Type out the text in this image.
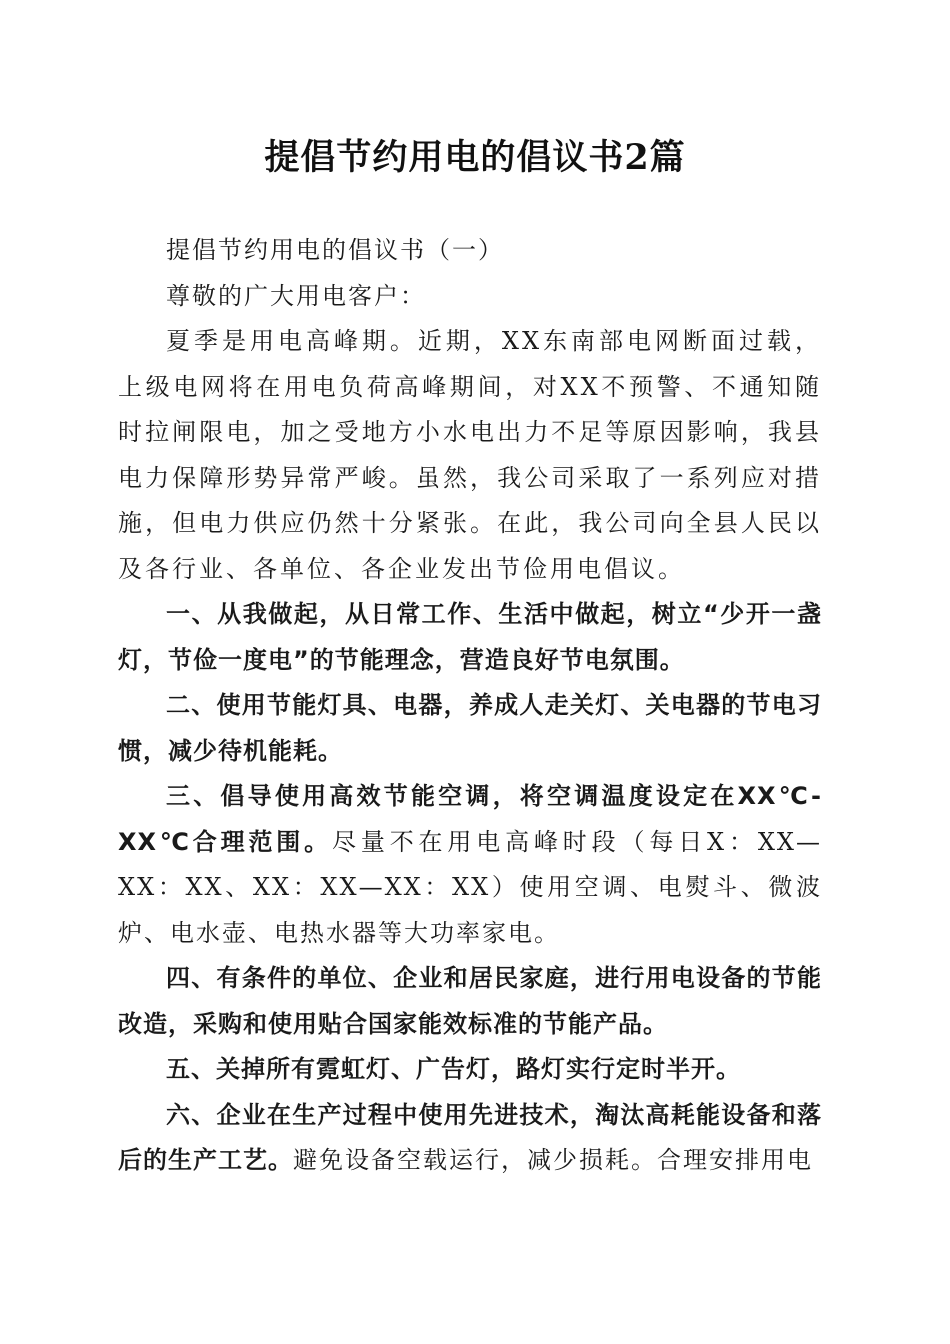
提倡节约用电的倡议书2篇

提倡节约用电的倡议书（一）

尊敬的广大用电客户：

夏季是用电高峰期。近期，XX东南部电网断面过载，上级电网将在用电负荷高峰期间，对XX不预警、不通知随时拉闸限电，加之受地方小水电出力不足等原因影响，我县电力保障形势异常严峻。虽然，我公司采取了一系列应对措施，但电力供应仍然十分紧张。在此，我公司向全县人民以及各行业、各单位、各企业发出节俭用电倡议。

一、从我做起，从日常工作、生活中做起，树立“少开一盏灯，节俭一度电”的节能理念，营造良好节电氛围。

二、使用节能灯具、电器，养成人走关灯、关电器的节电习惯，减少待机能耗。

三、倡导使用高效节能空调，将空调温度设定在XX℃-XX℃合理范围。尽量不在用电高峰时段（每日X：XX—XX：XX、XX：XX—XX：XX）使用空调、电熨斗、微波炉、电水壶、电热水器等大功率家电。

四、有条件的单位、企业和居民家庭，进行用电设备的节能改造，采购和使用贴合国家能效标准的节能产品。

五、关掉所有霓虹灯、广告灯，路灯实行定时半开。

六、企业在生产过程中使用先进技术，淘汰高耗能设备和落后的生产工艺。避免设备空载运行，减少损耗。合理安排用电
